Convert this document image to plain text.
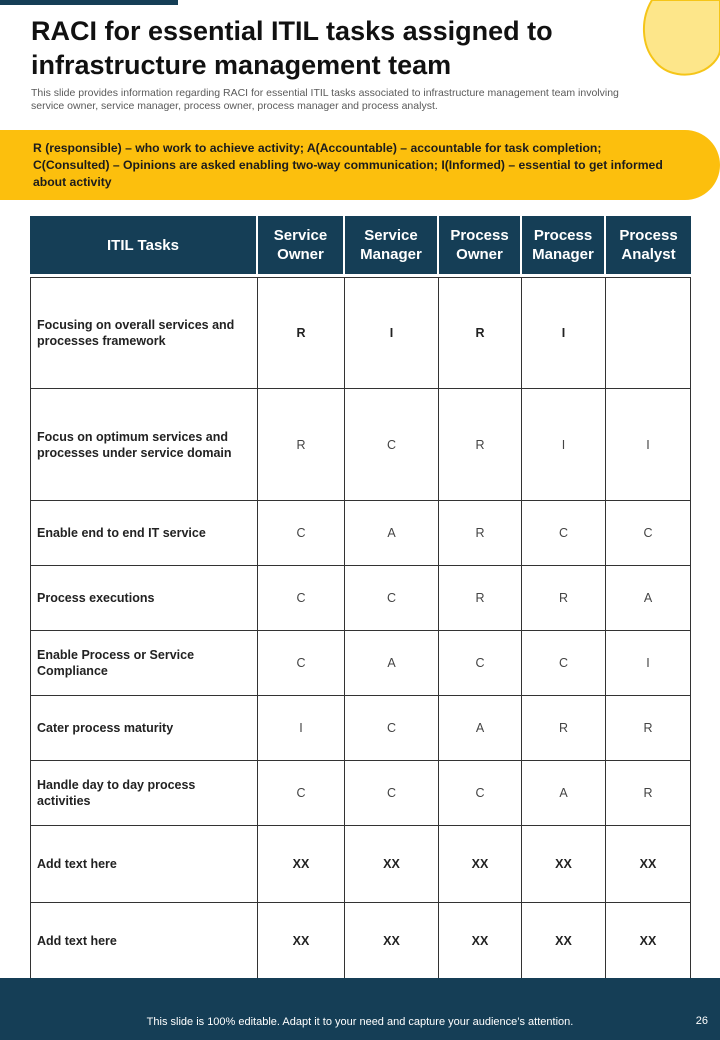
RACI for essential ITIL tasks assigned to infrastructure management team

This slide provides information regarding RACI for essential ITIL tasks associated to infrastructure management team involving service owner, service manager, process owner, process manager and process analyst.

R (responsible) – who work to achieve activity; A(Accountable) – accountable for task completion; C(Consulted) – Opinions are asked enabling two-way communication; I(Informed) – essential to get informed about activity

ITIL Tasks	Service Owner	Service Manager	Process Owner	Process Manager	Process Analyst

Focusing on overall services and processes framework	R	I	R	I	
Focus on optimum services and processes under service domain	R	C	R	I	I
Enable end to end IT service	C	A	R	C	C
Process executions	C	C	R	R	A
Enable Process or Service Compliance	C	A	C	C	I
Cater process maturity	I	C	A	R	R
Handle day to day process activities	C	C	C	A	R
Add text here	XX	XX	XX	XX	XX
Add text here	XX	XX	XX	XX	XX

This slide is 100% editable. Adapt it to your need and capture your audience’s attention.	26
